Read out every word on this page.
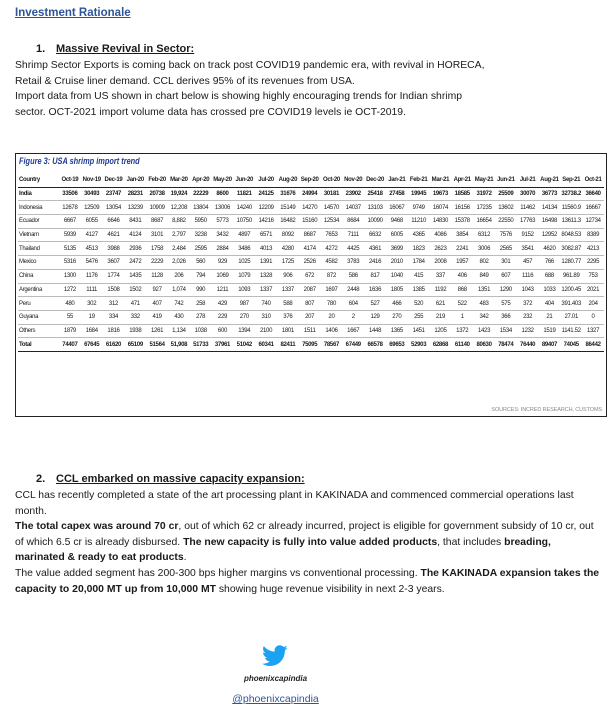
Investment Rationale
1. Massive Revival in Sector:

Shrimp Sector Exports is coming back on track post COVID19 pandemic era, with revival in HORECA,

Retail & Cruise liner demand. CCL derives 95% of its revenues from USA.

Import data from US shown in chart below is showing highly encouraging trends for Indian shrimp

sector. OCT-2021 import volume data has crossed pre COVID19 levels ie OCT-2019.

Figure 3: USA shrimp import trend
Country	Oct-19	Nov-19	Dec-19	Jan-20	Feb-20	Mar-20	Apr-20	May-20	Jun-20	Jul-20	Aug-20	Sep-20	Oct-20	Nov-20	Dec-20	Jan-21	Feb-21	Mar-21	Apr-21	May-21	Jun-21	Jul-21	Aug-21	Sep-21	Oct-21
India	33506	30493	23747	28231	20738	19,924	22229	8600	11821	24125	31676	24994	30181	23902	25418	27458	19945	19673	18585	31972	25509	30070	36773	32738.2	36640
Indonesia	12678	12509	13054	13239	10909	12,208	13804	13006	14240	12209	15149	14270	14570	14037	13103	16067	9749	16074	16156	17235	13602	11462	14134	11560.9	16667
Ecuador	6667	6055	6646	8431	8687	8,882	5950	5773	10750	14216	16482	15160	12534	8684	10090	9468	11210	14830	15378	16654	22550	17763	16498	13611.3	12734
Vietnam	5939	4127	4621	4124	3101	2,797	3238	3432	4897	6571	8092	8687	7653	7111	6632	6005	4365	4086	3854	6312	7576	9152	12952	8048.53	8389
Thailand	5135	4513	3988	2936	1758	2,484	2595	2884	3486	4013	4280	4174	4272	4425	4361	3699	1823	2623	2241	3006	2565	3541	4620	3082.87	4213
Mexico	5316	5476	3607	2472	2229	2,026	560	929	1025	1391	1725	2526	4582	3783	2416	2010	1784	2008	1957	802	301	457	766	1280.77	2295
China	1300	1176	1774	1435	1128	206	794	1069	1079	1328	906	672	872	586	817	1040	415	337	406	849	607	1116	688	961.89	753
Argentina	1272	1111	1508	1502	927	1,074	990	1211	1093	1337	1337	2087	1697	2448	1636	1805	1385	1192	868	1351	1290	1043	1033	1200.45	2021
Peru	480	302	312	471	407	742	258	429	987	740	588	807	780	604	527	466	520	621	522	483	575	372	404	391.403	204
Guyana	55	19	334	332	419	430	278	229	270	310	376	207	20	2	129	270	255	219	1	342	366	232	21	27.01	0
Others	1879	1684	1816	1938	1261	1,134	1038	600	1394	2100	1801	1511	1406	1667	1448	1365	1451	1205	1372	1423	1534	1232	1519	1141.52	1327
Total	74407	67645	61620	65109	51564	51,908	51733	37961	51042	60341	82411	75095	78567	67449	66578	69653	52903	62868	61140	80630	78474	76440	89407	74045	86442
SOURCES: INCRED RESEARCH, CUSTOMS
2. CCL embarked on massive capacity expansion:

CCL has recently completed a state of the art processing plant in KAKINADA and commenced commercial operations last month.

The total capex was around 70 cr, out of which 62 cr already incurred, project is eligible for government subsidy of 10 cr, out of which 6.5 cr is already disbursed. The new capacity is fully into value added products, that includes breading, marinated & ready to eat products.

The value added segment has 200-300 bps higher margins vs conventional processing. The KAKINADA expansion takes the capacity to 20,000 MT up from 10,000 MT showing huge revenue visibility in next 2-3 years.

phoenixcapindia
@phoenixcapindia
